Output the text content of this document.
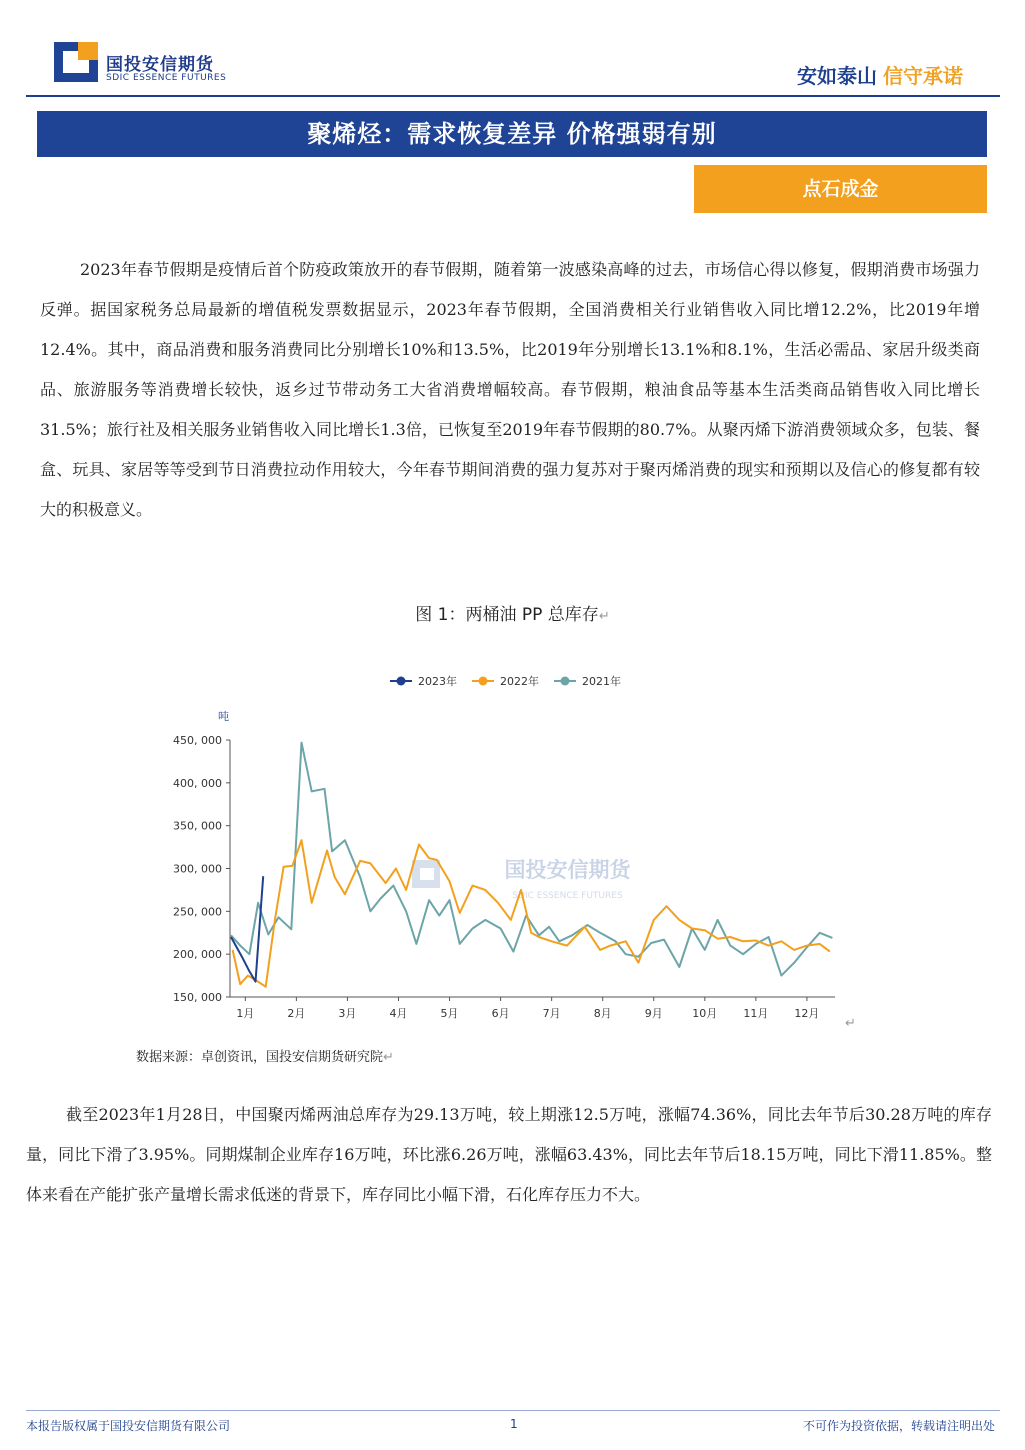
国投安信期货
SDIC ESSENCE FUTURES	安如泰山 信守承诺
聚烯烃：需求恢复差异 价格强弱有别
点石成金

2023年春节假期是疫情后首个防疫政策放开的春节假期，随着第一波感染高峰的过去，市场信心得以修复，假期消费市场强力反弹。据国家税务总局最新的增值税发票数据显示，2023年春节假期，全国消费相关行业销售收入同比增12.2%，比2019年增12.4%。其中，商品消费和服务消费同比分别增长10%和13.5%，比2019年分别增长13.1%和8.1%，生活必需品、家居升级类商品、旅游服务等消费增长较快，返乡过节带动务工大省消费增幅较高。春节假期，粮油食品等基本生活类商品销售收入同比增长31.5%；旅行社及相关服务业销售收入同比增长1.3倍，已恢复至2019年春节假期的80.7%。从聚丙烯下游消费领域众多，包装、餐盒、玩具、家居等等受到节日消费拉动作用较大，今年春节期间消费的强力复苏对于聚丙烯消费的现实和预期以及信心的修复都有较大的积极意义。

图 1：两桶油 PP 总库存↵
国投安信期货
SDIC ESSENCE FUTURES
吨
150, 000
200, 000
250, 000
300, 000
350, 000
400, 000
450, 000
1月	2月	3月	4月	5月	6月	7月	8月	9月	10月 11月 12月
2023年	2022年	2021年
↵
数据来源：卓创资讯，国投安信期货研究院↵

截至2023年1月28日，中国聚丙烯两油总库存为29.13万吨，较上期涨12.5万吨，涨幅74.36%，同比去年节后30.28万吨的库存量，同比下滑了3.95%。同期煤制企业库存16万吨，环比涨6.26万吨，涨幅63.43%，同比去年节后18.15万吨，同比下滑11.85%。整体来看在产能扩张产量增长需求低迷的背景下，库存同比小幅下滑，石化库存压力不大。

本报告版权属于国投安信期货有限公司	1	不可作为投资依据，转载请注明出处
